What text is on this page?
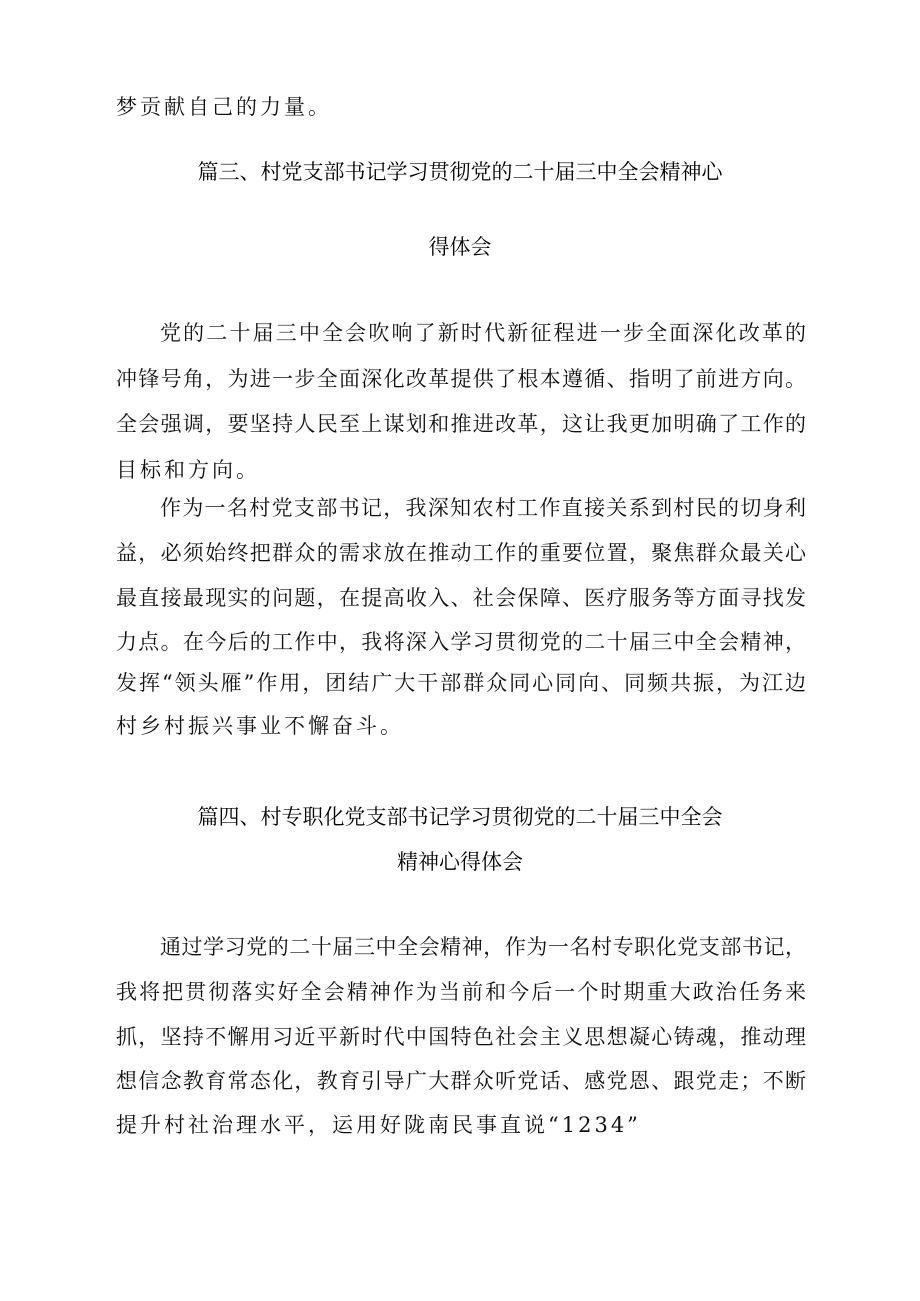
梦贡献自己的力量。
篇三、村党支部书记学习贯彻党的二十届三中全会精神心
得体会
党的二十届三中全会吹响了新时代新征程进一步全面深化改革的
冲锋号角，为进一步全面深化改革提供了根本遵循、指明了前进方向。
全会强调，要坚持人民至上谋划和推进改革，这让我更加明确了工作的
目标和方向。
作为一名村党支部书记，我深知农村工作直接关系到村民的切身利
益，必须始终把群众的需求放在推动工作的重要位置，聚焦群众最关心
最直接最现实的问题，在提高收入、社会保障、医疗服务等方面寻找发
力点。在今后的工作中，我将深入学习贯彻党的二十届三中全会精神，
发挥“领头雁”作用，团结广大干部群众同心同向、同频共振，为江边
村乡村振兴事业不懈奋斗。
篇四、村专职化党支部书记学习贯彻党的二十届三中全会
精神心得体会
通过学习党的二十届三中全会精神，作为一名村专职化党支部书记，
我将把贯彻落实好全会精神作为当前和今后一个时期重大政治任务来
抓，坚持不懈用习近平新时代中国特色社会主义思想凝心铸魂，推动理
想信念教育常态化，教育引导广大群众听党话、感党恩、跟党走；不断
提升村社治理水平，运用好陇南民事直说“1234”
